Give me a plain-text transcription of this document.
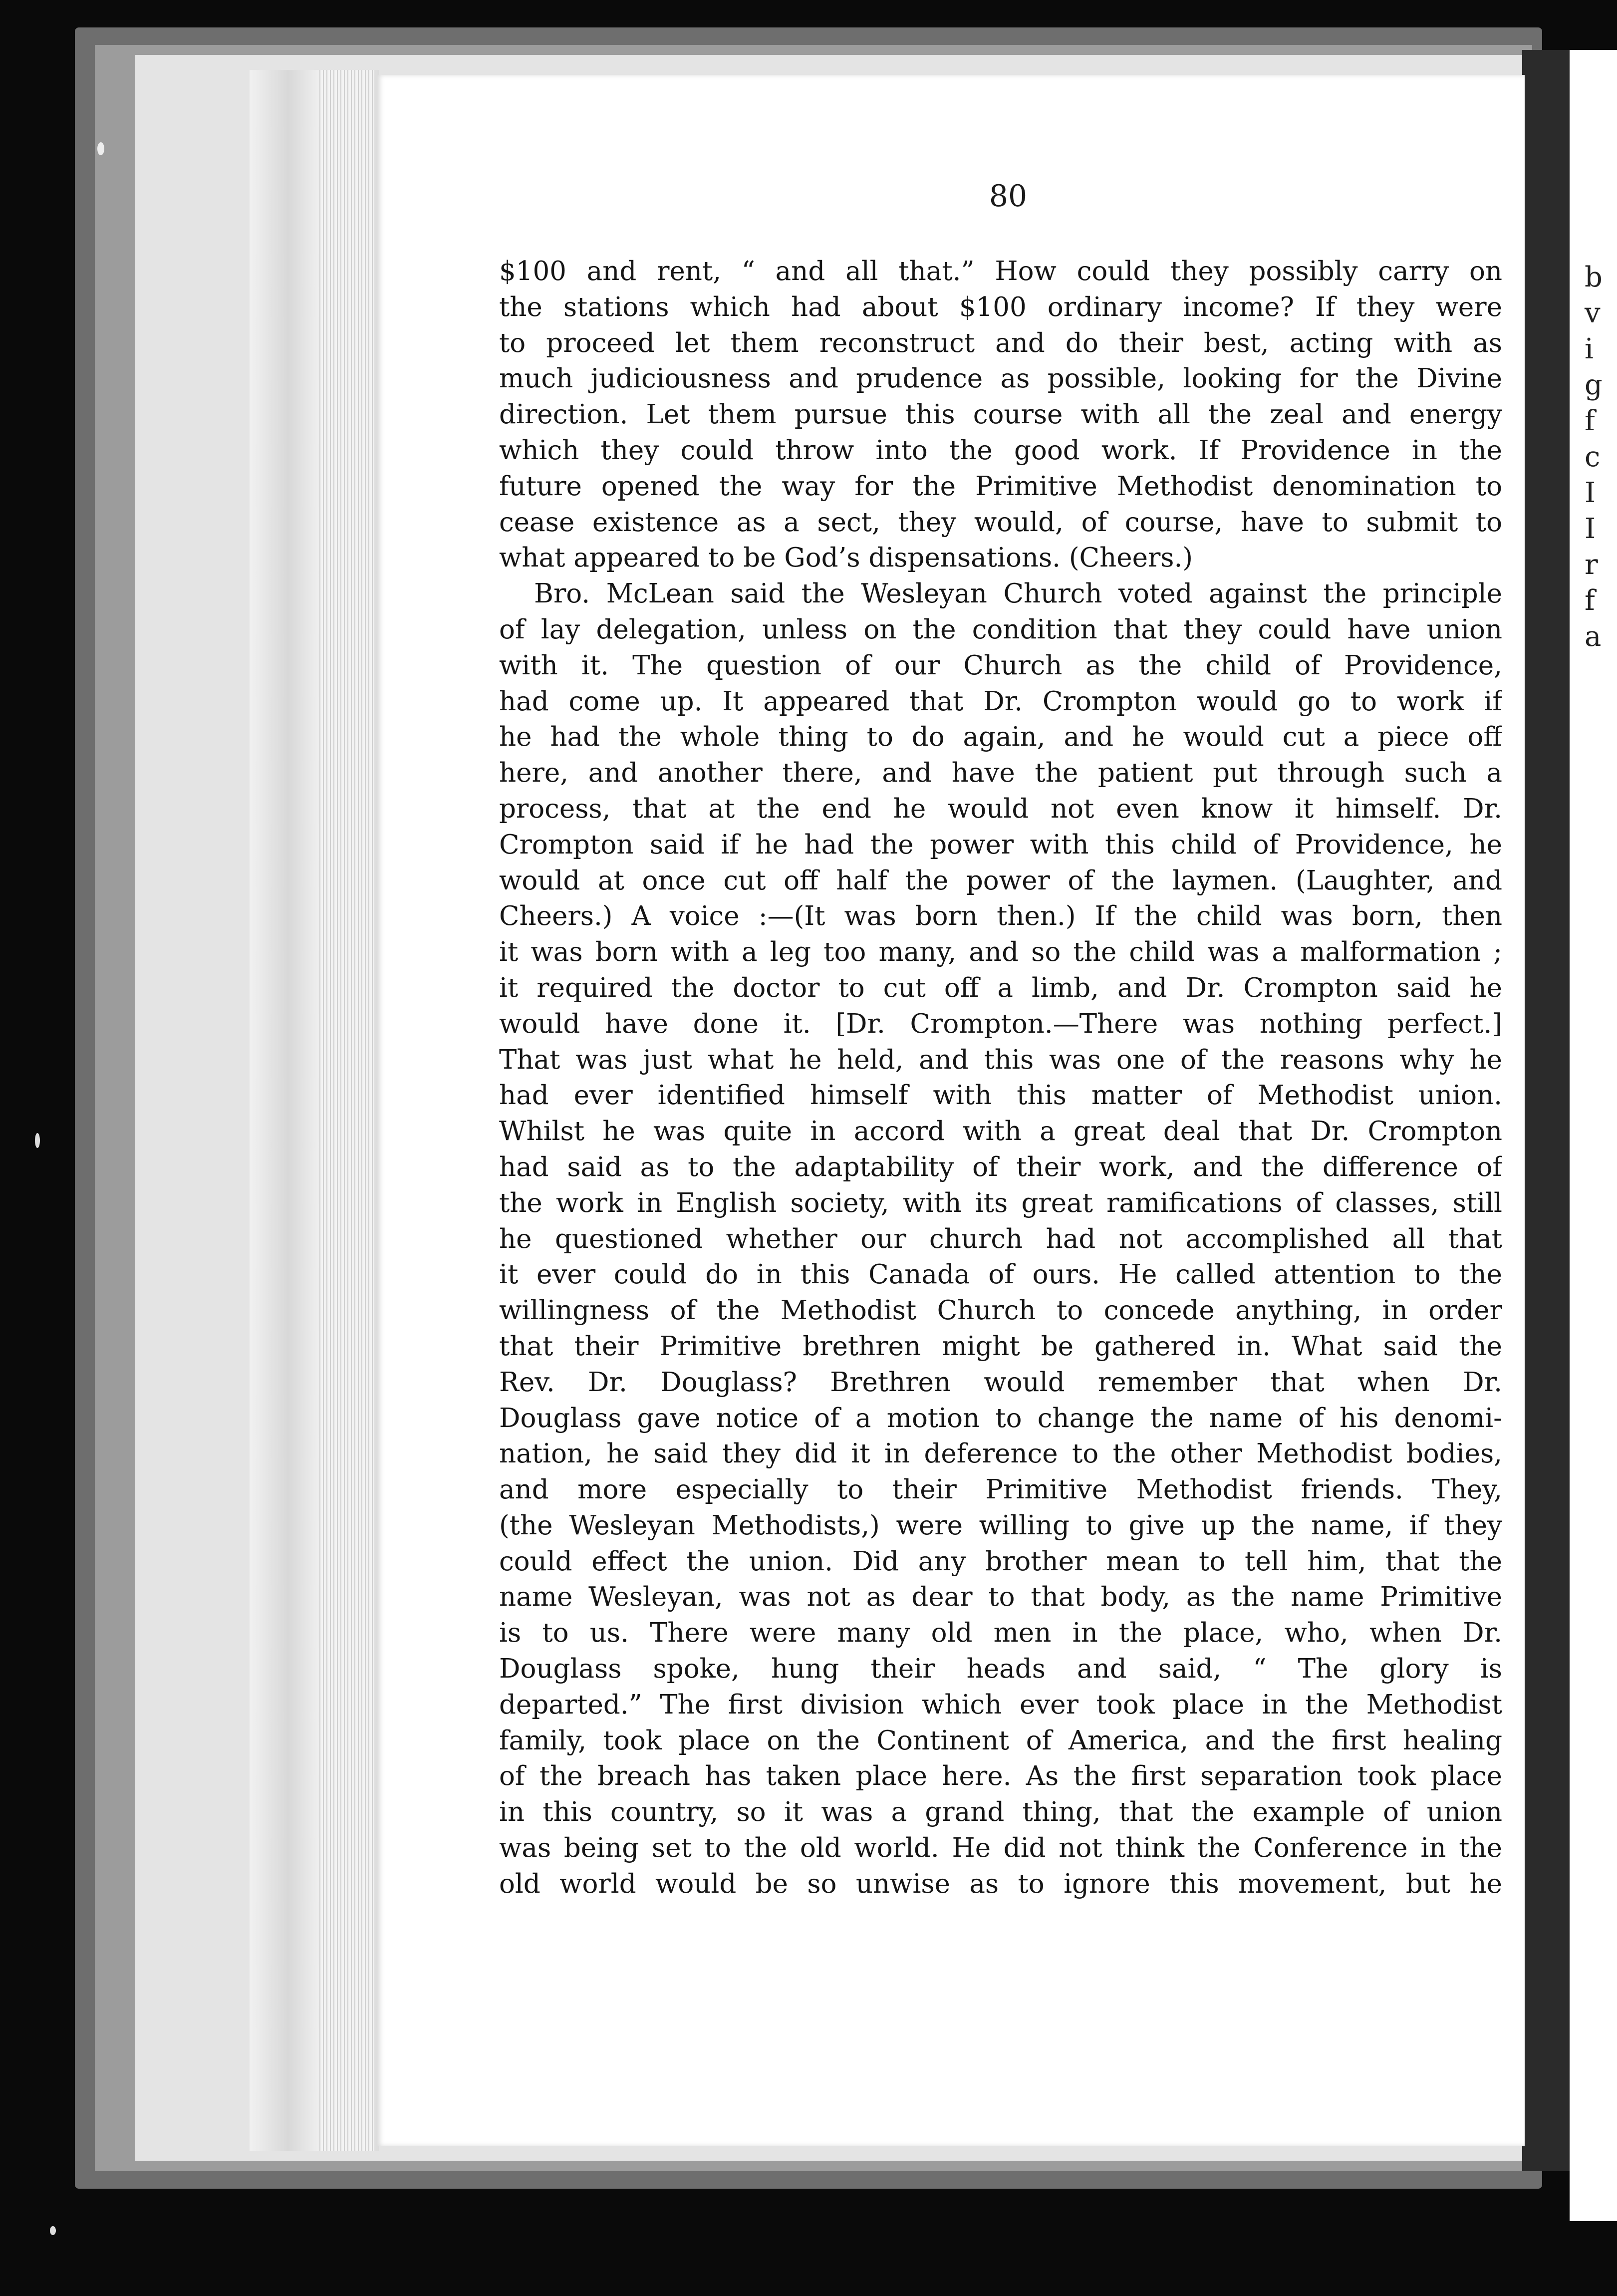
b
v
i
g
f
c
I
I
r
f
a
80
$100 and rent, “ and all that.” How could they possibly carry on
the stations which had about $100 ordinary income? If they were
to proceed let them reconstruct and do their best, acting with as
much judiciousness and prudence as possible, looking for the Divine
direction. Let them pursue this course with all the zeal and energy
which they could throw into the good work. If Providence in the
future opened the way for the Primitive Methodist denomination to
cease existence as a sect, they would, of course, have to submit to
what appeared to be God’s dispensations. (Cheers.)
Bro. McLean said the Wesleyan Church voted against the principle
of lay delegation, unless on the condition that they could have union
with it. The question of our Church as the child of Providence,
had come up. It appeared that Dr. Crompton would go to work if
he had the whole thing to do again, and he would cut a piece off
here, and another there, and have the patient put through such a
process, that at the end he would not even know it himself. Dr.
Crompton said if he had the power with this child of Providence, he
would at once cut off half the power of the laymen. (Laughter, and
Cheers.) A voice :—(It was born then.) If the child was born, then
it was born with a leg too many, and so the child was a malformation ;
it required the doctor to cut off a limb, and Dr. Crompton said he
would have done it. [Dr. Crompton.—There was nothing perfect.]
That was just what he held, and this was one of the reasons why he
had ever identified himself with this matter of Methodist union.
Whilst he was quite in accord with a great deal that Dr. Crompton
had said as to the adaptability of their work, and the difference of
the work in English society, with its great ramifications of classes, still
he questioned whether our church had not accomplished all that
it ever could do in this Canada of ours. He called attention to the
willingness of the Methodist Church to concede anything, in order
that their Primitive brethren might be gathered in. What said the
Rev. Dr. Douglass? Brethren would remember that when Dr.
Douglass gave notice of a motion to change the name of his denomi-
nation, he said they did it in deference to the other Methodist bodies,
and more especially to their Primitive Methodist friends. They,
(the Wesleyan Methodists,) were willing to give up the name, if they
could effect the union. Did any brother mean to tell him, that the
name Wesleyan, was not as dear to that body, as the name Primitive
is to us. There were many old men in the place, who, when Dr.
Douglass spoke, hung their heads and said, “ The glory is
departed.” The first division which ever took place in the Methodist
family, took place on the Continent of America, and the first healing
of the breach has taken place here. As the first separation took place
in this country, so it was a grand thing, that the example of union
was being set to the old world. He did not think the Conference in the
old world would be so unwise as to ignore this movement, but he
